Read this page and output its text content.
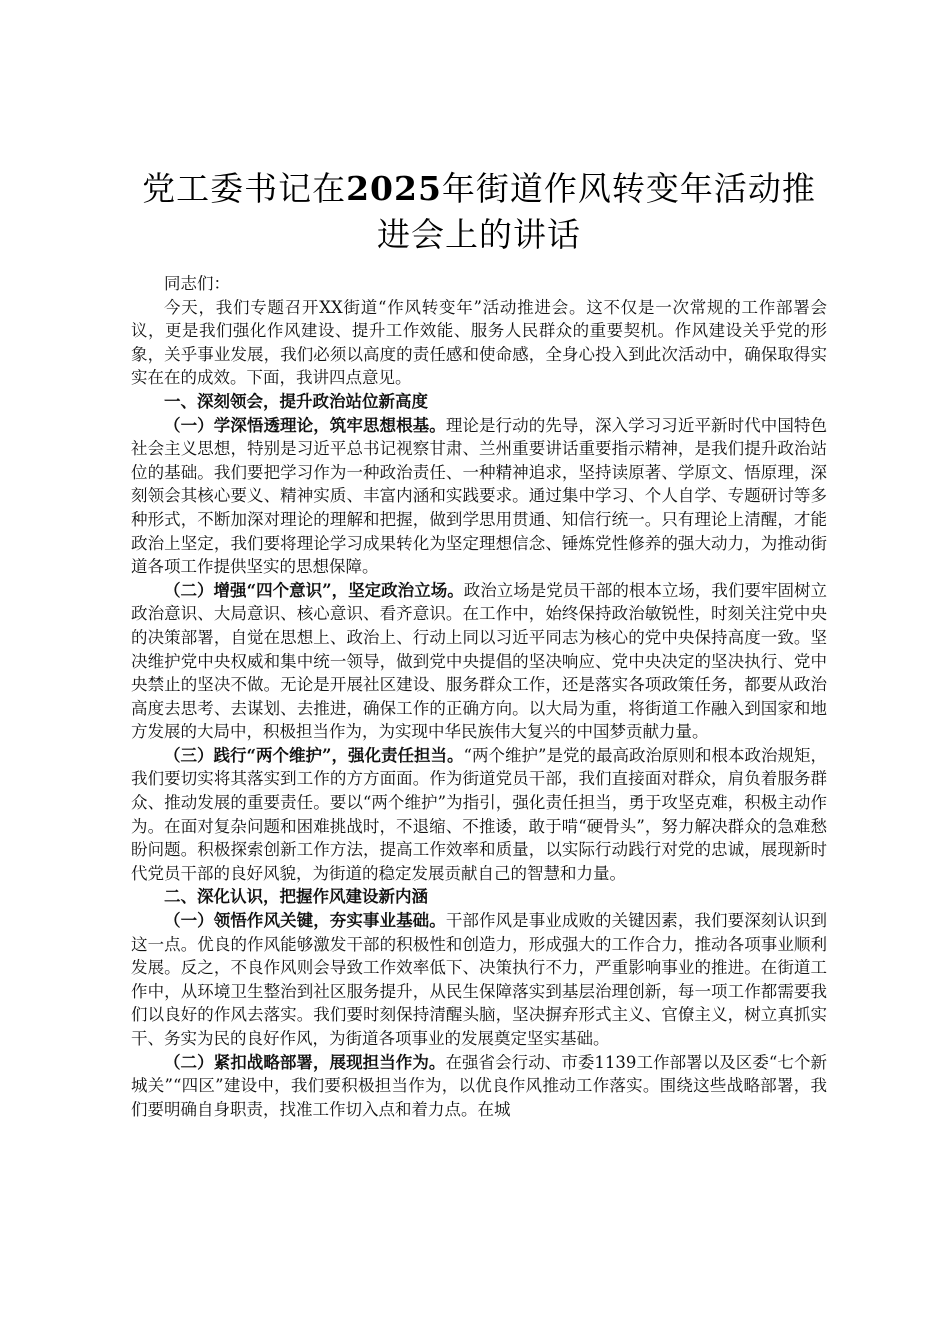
党工委书记在2025年街道作风转变年活动推
进会上的讲话

同志们：

今天，我们专题召开XX街道“作风转变年”活动推进会。这不仅是一次常规的工作部署会议，更是我们强化作风建设、提升工作效能、服务人民群众的重要契机。作风建设关乎党的形象，关乎事业发展，我们必须以高度的责任感和使命感，全身心投入到此次活动中，确保取得实实在在的成效。下面，我讲四点意见。

一、深刻领会，提升政治站位新高度

（一）学深悟透理论，筑牢思想根基。理论是行动的先导，深入学习习近平新时代中国特色社会主义思想，特别是习近平总书记视察甘肃、兰州重要讲话重要指示精神，是我们提升政治站位的基础。我们要把学习作为一种政治责任、一种精神追求，坚持读原著、学原文、悟原理，深刻领会其核心要义、精神实质、丰富内涵和实践要求。通过集中学习、个人自学、专题研讨等多种形式，不断加深对理论的理解和把握，做到学思用贯通、知信行统一。只有理论上清醒，才能政治上坚定，我们要将理论学习成果转化为坚定理想信念、锤炼党性修养的强大动力，为推动街道各项工作提供坚实的思想保障。

（二）增强“四个意识”，坚定政治立场。政治立场是党员干部的根本立场，我们要牢固树立政治意识、大局意识、核心意识、看齐意识。在工作中，始终保持政治敏锐性，时刻关注党中央的决策部署，自觉在思想上、政治上、行动上同以习近平同志为核心的党中央保持高度一致。坚决维护党中央权威和集中统一领导，做到党中央提倡的坚决响应、党中央决定的坚决执行、党中央禁止的坚决不做。无论是开展社区建设、服务群众工作，还是落实各项政策任务，都要从政治高度去思考、去谋划、去推进，确保工作的正确方向。以大局为重，将街道工作融入到国家和地方发展的大局中，积极担当作为，为实现中华民族伟大复兴的中国梦贡献力量。

（三）践行“两个维护”，强化责任担当。“两个维护”是党的最高政治原则和根本政治规矩，我们要切实将其落实到工作的方方面面。作为街道党员干部，我们直接面对群众，肩负着服务群众、推动发展的重要责任。要以“两个维护”为指引，强化责任担当，勇于攻坚克难，积极主动作为。在面对复杂问题和困难挑战时，不退缩、不推诿，敢于啃“硬骨头”，努力解决群众的急难愁盼问题。积极探索创新工作方法，提高工作效率和质量，以实际行动践行对党的忠诚，展现新时代党员干部的良好风貌，为街道的稳定发展贡献自己的智慧和力量。

二、深化认识，把握作风建设新内涵

（一）领悟作风关键，夯实事业基础。干部作风是事业成败的关键因素，我们要深刻认识到这一点。优良的作风能够激发干部的积极性和创造力，形成强大的工作合力，推动各项事业顺利发展。反之，不良作风则会导致工作效率低下、决策执行不力，严重影响事业的推进。在街道工作中，从环境卫生整治到社区服务提升，从民生保障落实到基层治理创新，每一项工作都需要我们以良好的作风去落实。我们要时刻保持清醒头脑，坚决摒弃形式主义、官僚主义，树立真抓实干、务实为民的良好作风，为街道各项事业的发展奠定坚实基础。

（二）紧扣战略部署，展现担当作为。在强省会行动、市委1139工作部署以及区委“七个新城关”“四区”建设中，我们要积极担当作为，以优良作风推动工作落实。围绕这些战略部署，我们要明确自身职责，找准工作切入点和着力点。在城
